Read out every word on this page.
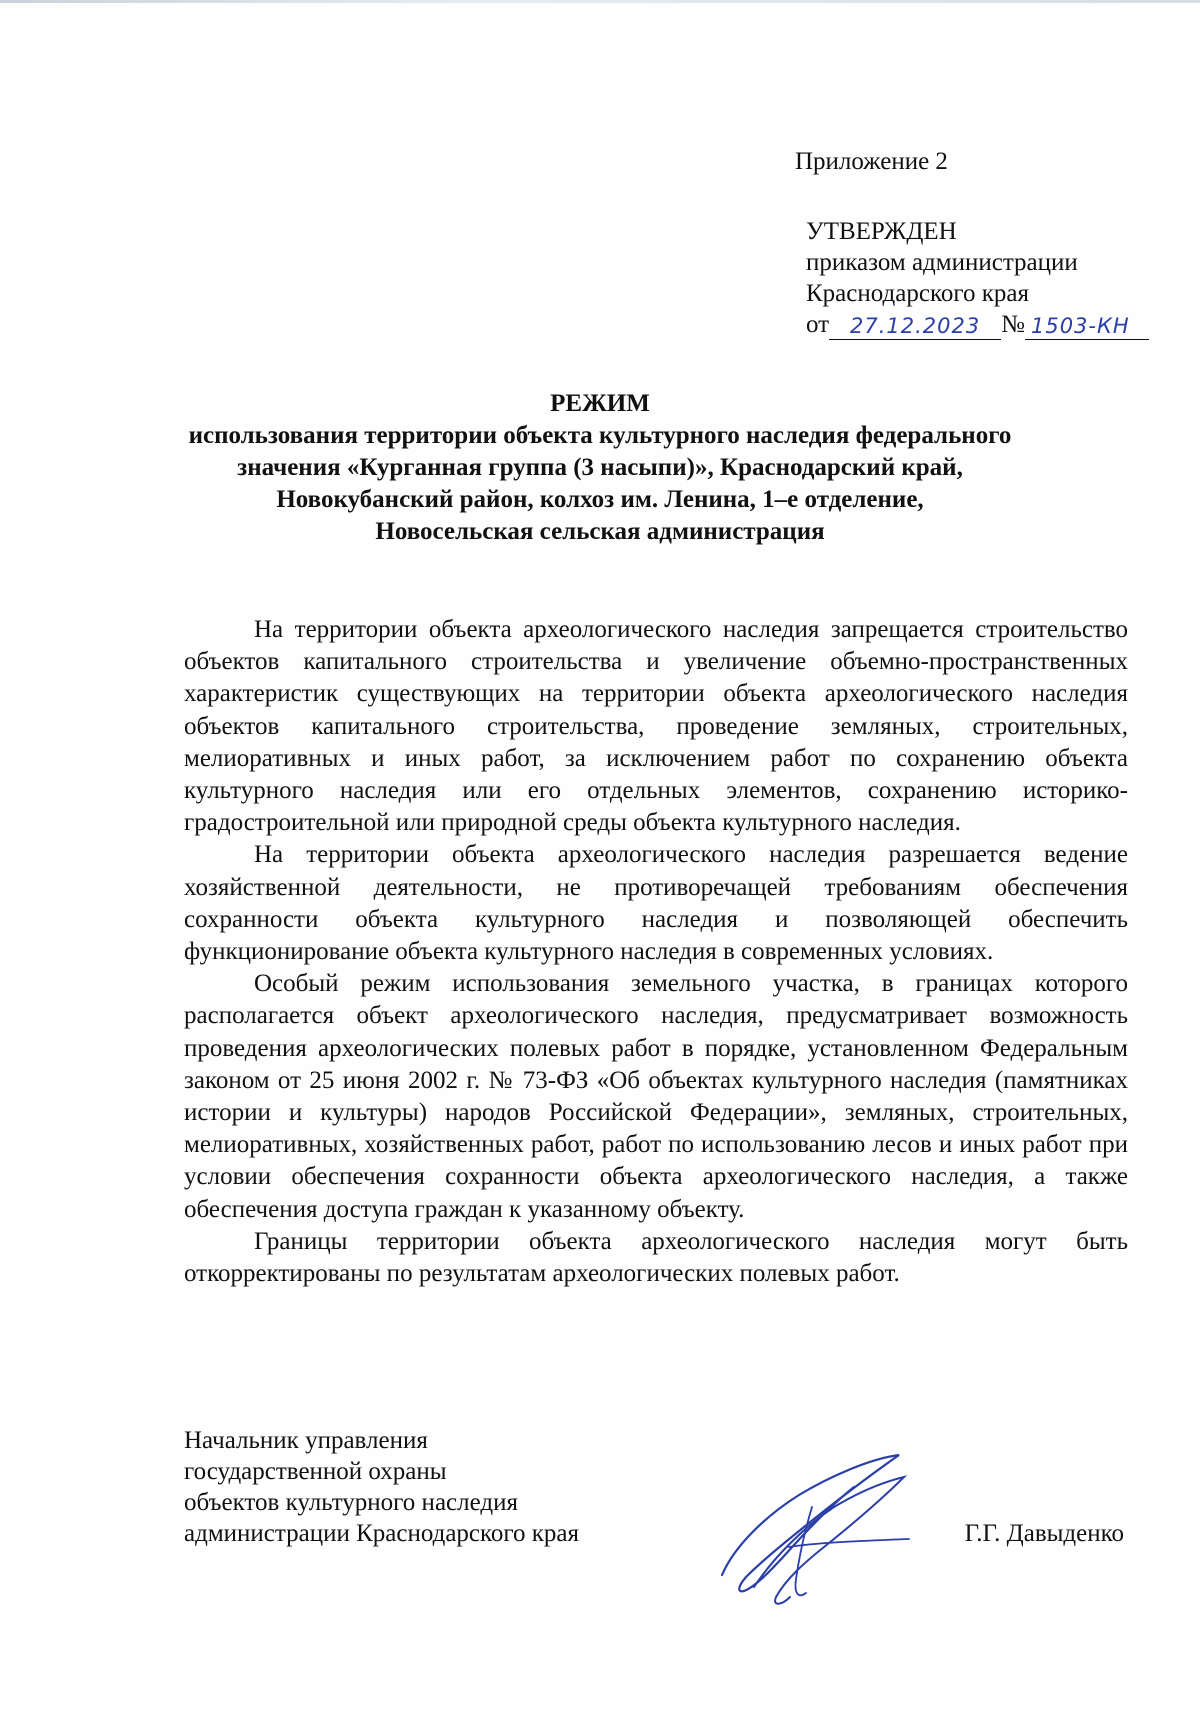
Приложение 2

УТВЕРЖДЕН
приказом администрации
Краснодарского края
от 27.12.2023 № 1503-КН

РЕЖИМ

использования территории объекта культурного наследия федерального

значения «Курганная группа (3 насыпи)», Краснодарский край,

Новокубанский район, колхоз им. Ленина, 1–е отделение,

Новосельская сельская администрация

На территории объекта археологического наследия запрещается строительство объектов капитального строительства и увеличение объемно-пространственных характеристик существующих на территории объекта археологического наследия объектов капитального строительства, проведение земляных, строительных, мелиоративных и иных работ, за исключением работ по сохранению объекта культурного наследия или его отдельных элементов, сохранению историко-градостроительной или природной среды объекта культурного наследия.

На территории объекта археологического наследия разрешается ведение хозяйственной деятельности, не противоречащей требованиям обеспечения сохранности объекта культурного наследия и позволяющей обеспечить функционирование объекта культурного наследия в современных условиях.

Особый режим использования земельного участка, в границах которого располагается объект археологического наследия, предусматривает возможность проведения археологических полевых работ в порядке, установленном Федеральным законом от 25 июня 2002 г. № 73-ФЗ «Об объектах культурного наследия (памятниках истории и культуры) народов Российской Федерации», земляных, строительных, мелиоративных, хозяйственных работ, работ по использованию лесов и иных работ при условии обеспечения сохранности объекта археологического наследия, а также обеспечения доступа граждан к указанному объекту.

Границы территории объекта археологического наследия могут быть откорректированы по результатам археологических полевых работ.

Начальник управления
государственной охраны
объектов культурного наследия
администрации Краснодарского края	Г.Г. Давыденко
